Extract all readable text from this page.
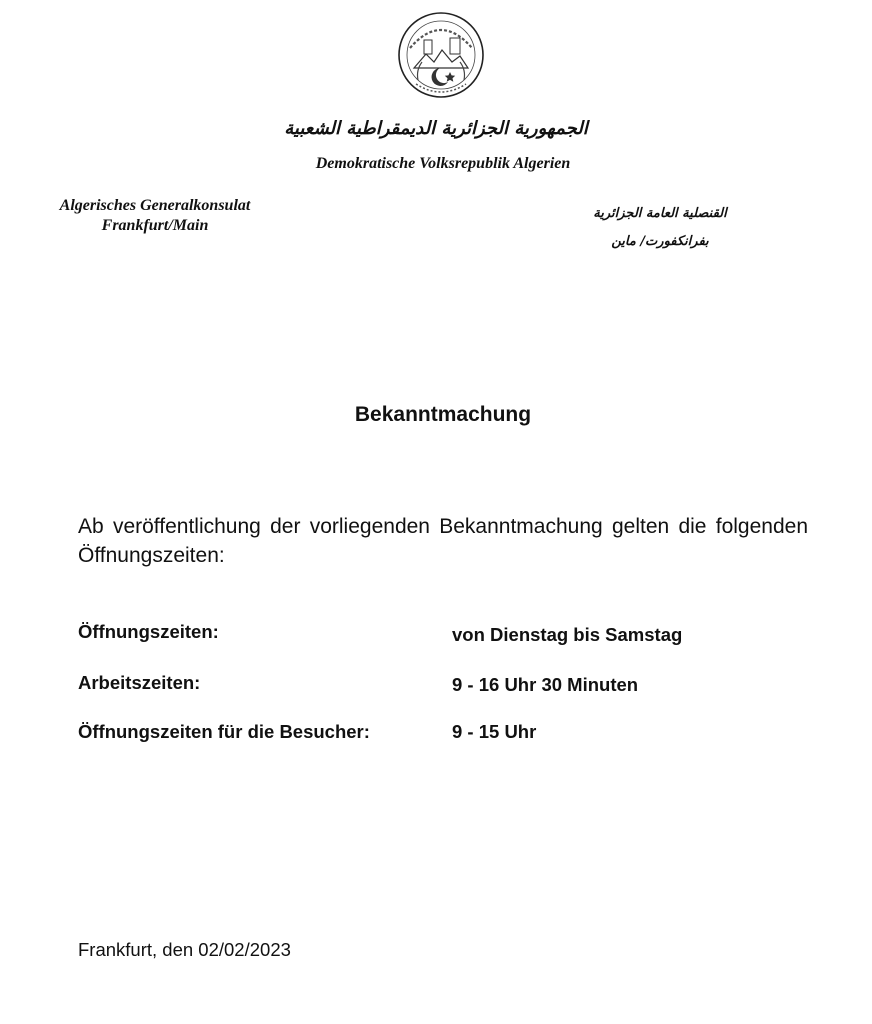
الجمهورية الجزائرية الديمقراطية الشعبية
Demokratische Volksrepublik Algerien
Algerisches Generalkonsulat
Frankfurt/Main
القنصلية العامة الجزائرية
بفرانكفورت/ ماين
Bekanntmachung
Ab veröffentlichung der vorliegenden Bekanntmachung gelten die folgenden Öffnungszeiten:
Öffnungszeiten:	von Dienstag bis Samstag
Arbeitszeiten:	9 - 16 Uhr 30 Minuten
Öffnungszeiten für die Besucher:	9 - 15 Uhr
Frankfurt, den 02/02/2023
